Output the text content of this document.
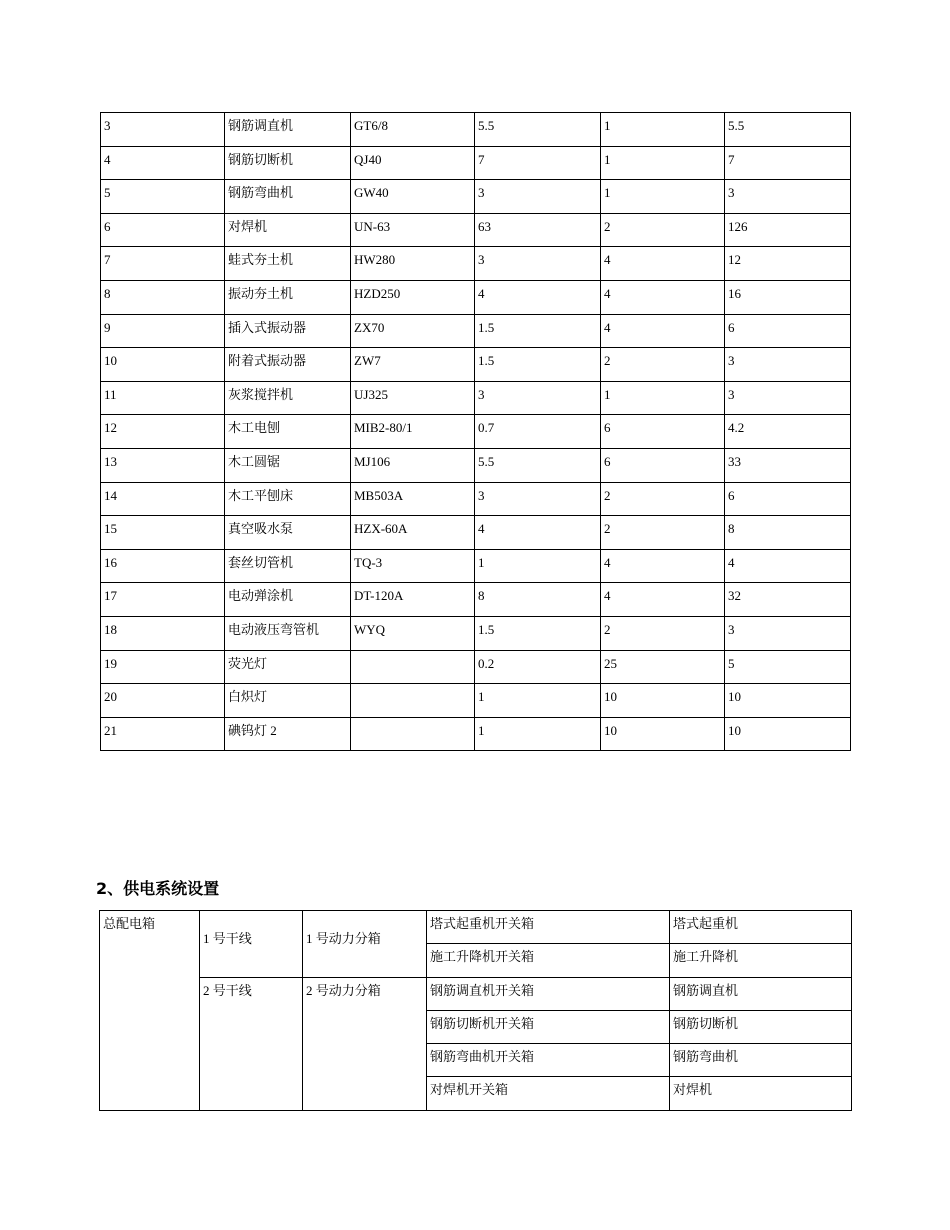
3	钢筋调直机	GT6/8	5.5	1	5.5
4	钢筋切断机	QJ40	7	1	7
5	钢筋弯曲机	GW40	3	1	3
6	对焊机	UN-63	63	2	126
7	蛙式夯土机	HW280	3	4	12
8	振动夯土机	HZD250	4	4	16
9	插入式振动器	ZX70	1.5	4	6
10	附着式振动器	ZW7	1.5	2	3
11	灰浆搅拌机	UJ325	3	1	3
12	木工电刨	MIB2-80/1	0.7	6	4.2
13	木工圆锯	MJ106	5.5	6	33
14	木工平刨床	MB503A	3	2	6
15	真空吸水泵	HZX-60A	4	2	8
16	套丝切管机	TQ-3	1	4	4
17	电动弹涂机	DT-120A	8	4	32
18	电动液压弯管机	WYQ	1.5	2	3
19	荧光灯		0.2	25	5
20	白炽灯		1	10	10
21	碘钨灯 2		1	10	10
2、供电系统设置
总配电箱	1 号干线	1 号动力分箱	塔式起重机开关箱	塔式起重机
			施工升降机开关箱	施工升降机
	2 号干线	2 号动力分箱	钢筋调直机开关箱	钢筋调直机
			钢筋切断机开关箱	钢筋切断机
			钢筋弯曲机开关箱	钢筋弯曲机
			对焊机开关箱	对焊机
